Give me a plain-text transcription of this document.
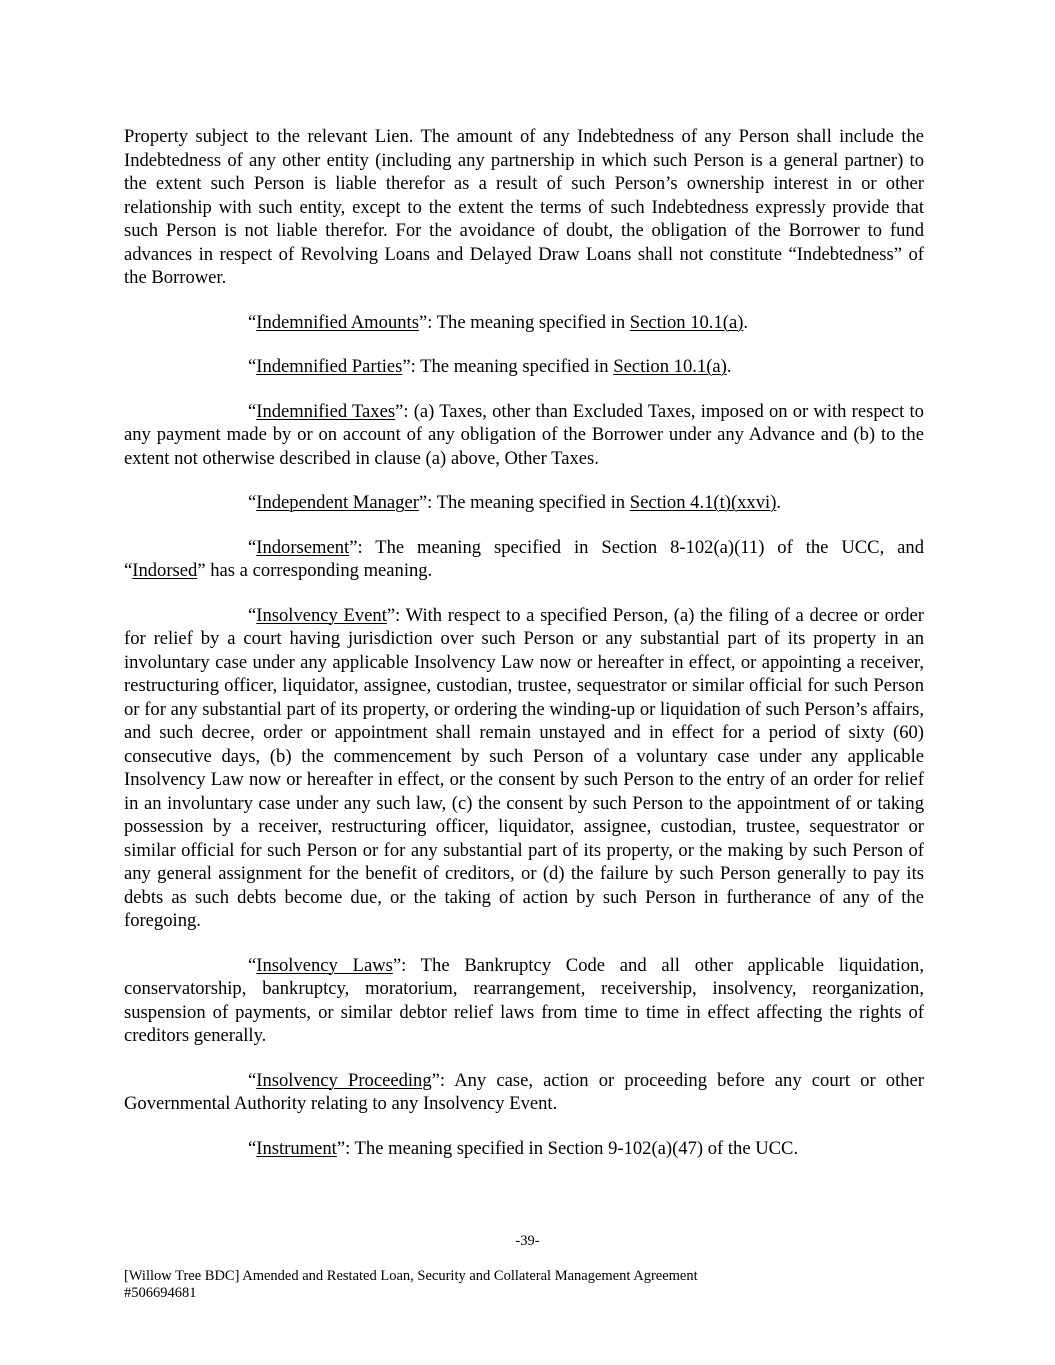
Property subject to the relevant Lien. The amount of any Indebtedness of any Person shall include the Indebtedness of any other entity (including any partnership in which such Person is a general partner) to the extent such Person is liable therefor as a result of such Person’s ownership interest in or other relationship with such entity, except to the extent the terms of such Indebtedness expressly provide that such Person is not liable therefor. For the avoidance of doubt, the obligation of the Borrower to fund advances in respect of Revolving Loans and Delayed Draw Loans shall not constitute “Indebtedness” of the Borrower.

“Indemnified Amounts”: The meaning specified in Section 10.1(a).

“Indemnified Parties”: The meaning specified in Section 10.1(a).

“Indemnified Taxes”: (a) Taxes, other than Excluded Taxes, imposed on or with respect to any payment made by or on account of any obligation of the Borrower under any Advance and (b) to the extent not otherwise described in clause (a) above, Other Taxes.

“Independent Manager”: The meaning specified in Section 4.1(t)(xxvi).

“Indorsement”: The meaning specified in Section 8-102(a)(11) of the UCC, and “Indorsed” has a corresponding meaning.

“Insolvency Event”: With respect to a specified Person, (a) the filing of a decree or order for relief by a court having jurisdiction over such Person or any substantial part of its property in an involuntary case under any applicable Insolvency Law now or hereafter in effect, or appointing a receiver, restructuring officer, liquidator, assignee, custodian, trustee, sequestrator or similar official for such Person or for any substantial part of its property, or ordering the winding-up or liquidation of such Person’s affairs, and such decree, order or appointment shall remain unstayed and in effect for a period of sixty (60) consecutive days, (b) the commencement by such Person of a voluntary case under any applicable Insolvency Law now or hereafter in effect, or the consent by such Person to the entry of an order for relief in an involuntary case under any such law, (c) the consent by such Person to the appointment of or taking possession by a receiver, restructuring officer, liquidator, assignee, custodian, trustee, sequestrator or similar official for such Person or for any substantial part of its property, or the making by such Person of any general assignment for the benefit of creditors, or (d) the failure by such Person generally to pay its debts as such debts become due, or the taking of action by such Person in furtherance of any of the foregoing.

“Insolvency Laws”: The Bankruptcy Code and all other applicable liquidation, conservatorship, bankruptcy, moratorium, rearrangement, receivership, insolvency, reorganization, suspension of payments, or similar debtor relief laws from time to time in effect affecting the rights of creditors generally.

“Insolvency Proceeding”: Any case, action or proceeding before any court or other Governmental Authority relating to any Insolvency Event.

“Instrument”: The meaning specified in Section 9-102(a)(47) of the UCC.

-39-
[Willow Tree BDC] Amended and Restated Loan, Security and Collateral Management Agreement
#506694681
